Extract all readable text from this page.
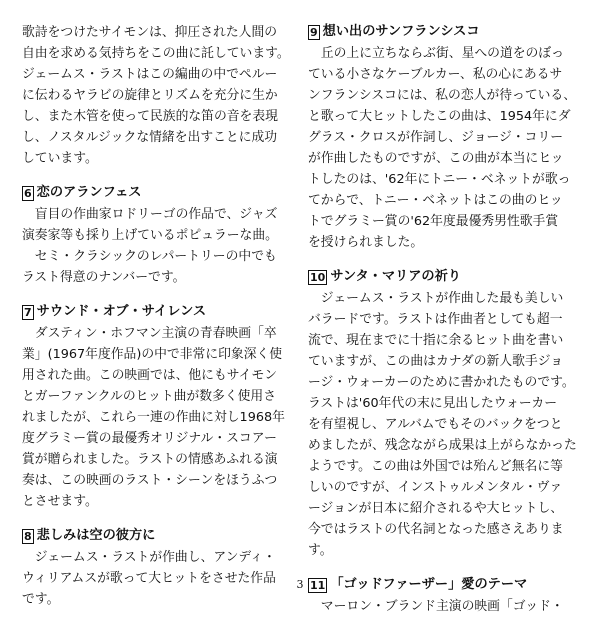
歌詩をつけたサイモンは、抑圧された人間の
自由を求める気持ちをこの曲に託しています。
ジェームス・ラストはこの編曲の中でペルー
に伝わるヤラビの旋律とリズムを充分に生か
し、また木管を使って民族的な笛の音を表現
し、ノスタルジックな情緒を出すことに成功
しています。

6 恋のアランフェス

　盲目の作曲家ロドリーゴの作品で、ジャズ
演奏家等も採り上げているポピュラーな曲。
　セミ・クラシックのレパートリーの中でも
ラスト得意のナンバーです。

7 サウンド・オブ・サイレンス

　ダスティン・ホフマン主演の青春映画「卒
業」(1967年度作品)の中で非常に印象深く使
用された曲。この映画では、他にもサイモン
とガーファンクルのヒット曲が数多く使用さ
れましたが、これら一連の作曲に対し1968年
度グラミー賞の最優秀オリジナル・スコアー
賞が贈られました。ラストの情感あふれる演
奏は、この映画のラスト・シーンをほうふつ
とさせます。

8 悲しみは空の彼方に

　ジェームス・ラストが作曲し、アンディ・
ウィリアムスが歌って大ヒットをさせた作品
です。

9 想い出のサンフランシスコ

　丘の上に立ちならぶ街、星への道をのぼっ
ている小さなケーブルカー、私の心にあるサ
ンフランシスコには、私の恋人が待っている、
と歌って大ヒットしたこの曲は、1954年にダ
グラス・クロスが作詞し、ジョージ・コリー
が作曲したものですが、この曲が本当にヒッ
トしたのは、'62年にトニー・ベネットが歌っ
てからで、トニー・ベネットはこの曲のヒッ
トでグラミー賞の'62年度最優秀男性歌手賞
を授けられました。

10 サンタ・マリアの祈り

　ジェームス・ラストが作曲した最も美しい
バラードです。ラストは作曲者としても超一
流で、現在までに十指に余るヒット曲を書い
ていますが、この曲はカナダの新人歌手ジョ
ージ・ウォーカーのために書かれたものです。
ラストは'60年代の末に見出したウォーカー
を有望視し、アルバムでもそのバックをつと
めましたが、残念ながら成果は上がらなかった
ようです。この曲は外国では殆んど無名に等
しいのですが、インストゥルメンタル・ヴァ
ージョンが日本に紹介されるや大ヒットし、
今ではラストの代名詞となった感さえありま
す。

11 「ゴッドファーザー」愛のテーマ

　マーロン・ブランド主演の映画「ゴッド・

3
